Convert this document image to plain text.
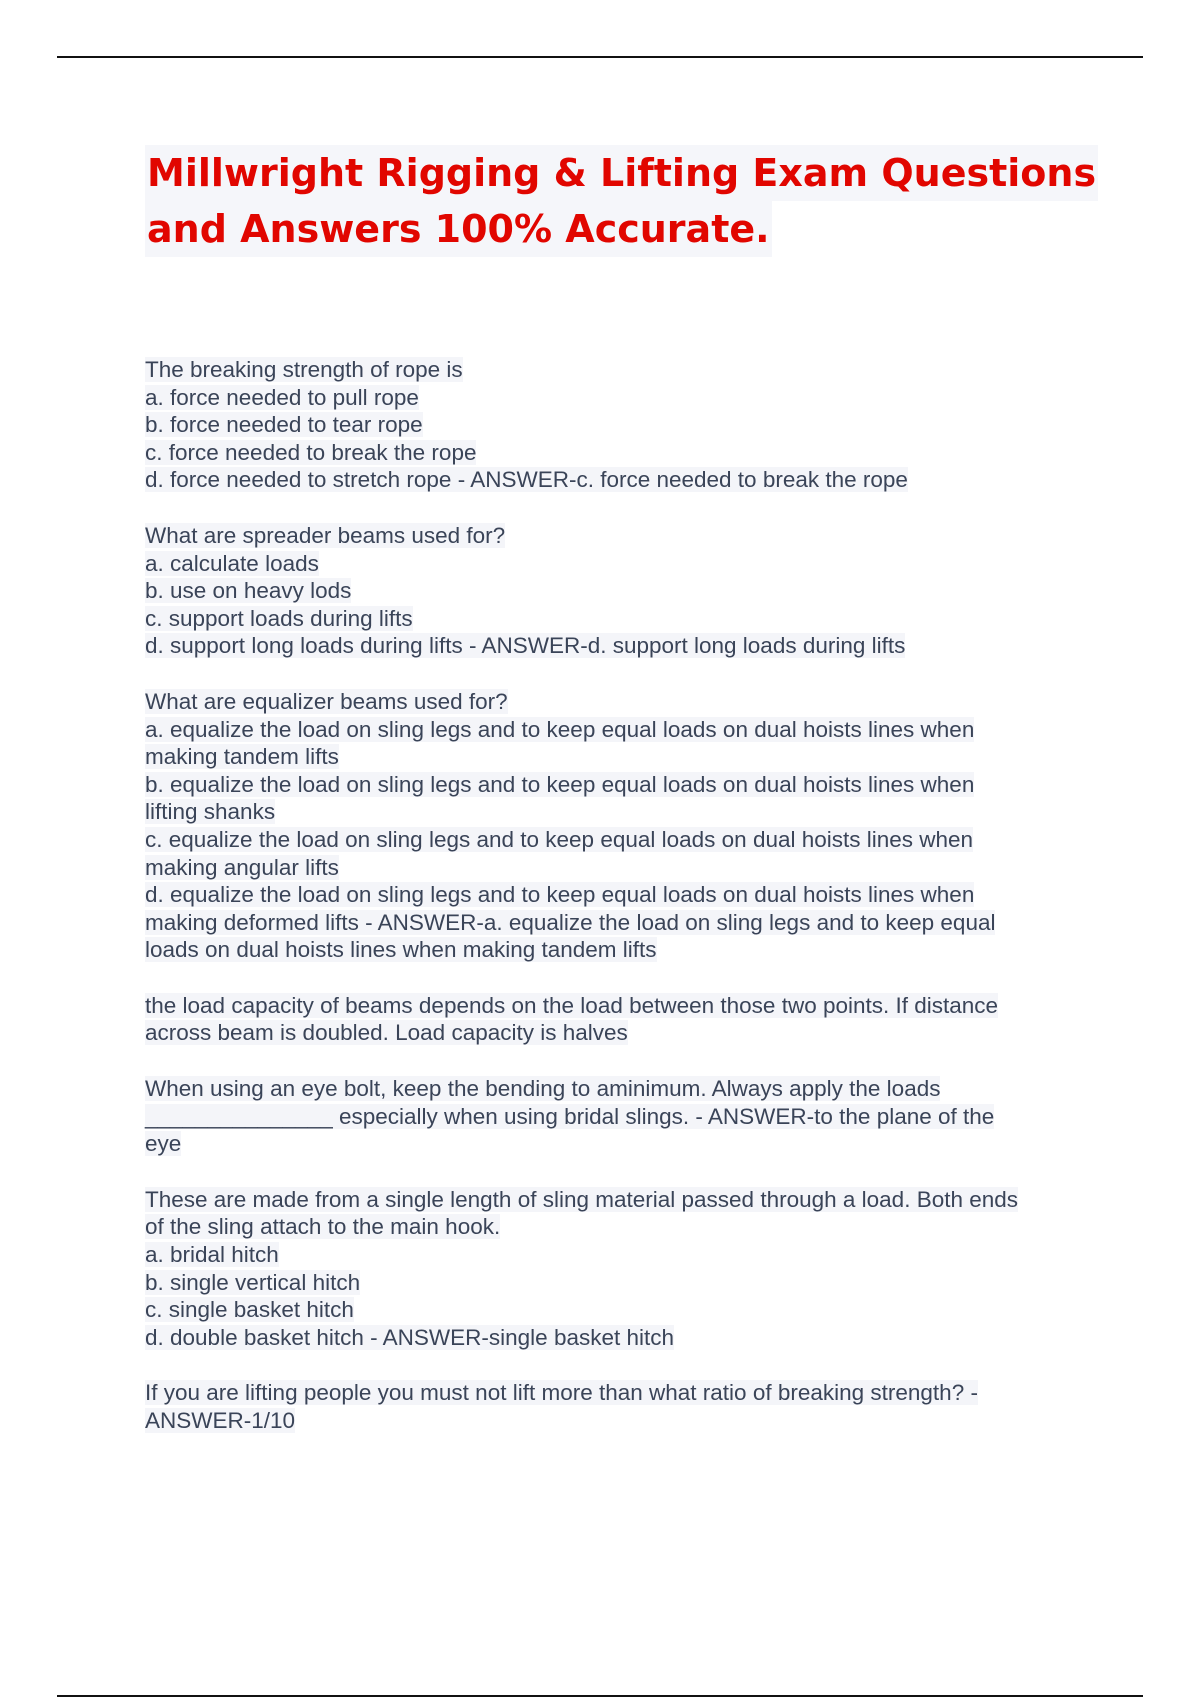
Millwright Rigging & Lifting Exam Questions
and Answers 100% Accurate.
The breaking strength of rope is
a. force needed to pull rope
b. force needed to tear rope
c. force needed to break the rope
d. force needed to stretch rope - ANSWER-c. force needed to break the rope
What are spreader beams used for?
a. calculate loads
b. use on heavy lods
c. support loads during lifts
d. support long loads during lifts - ANSWER-d. support long loads during lifts
What are equalizer beams used for?
a. equalize the load on sling legs and to keep equal loads on dual hoists lines when
making tandem lifts
b. equalize the load on sling legs and to keep equal loads on dual hoists lines when
lifting shanks
c. equalize the load on sling legs and to keep equal loads on dual hoists lines when
making angular lifts
d. equalize the load on sling legs and to keep equal loads on dual hoists lines when
making deformed lifts - ANSWER-a. equalize the load on sling legs and to keep equal
loads on dual hoists lines when making tandem lifts
the load capacity of beams depends on the load between those two points. If distance
across beam is doubled. Load capacity is halves
When using an eye bolt, keep the bending to aminimum. Always apply the loads
_______________ especially when using bridal slings. - ANSWER-to the plane of the
eye
These are made from a single length of sling material passed through a load. Both ends
of the sling attach to the main hook.
a. bridal hitch
b. single vertical hitch
c. single basket hitch
d. double basket hitch - ANSWER-single basket hitch
If you are lifting people you must not lift more than what ratio of breaking strength? -
ANSWER-1/10
